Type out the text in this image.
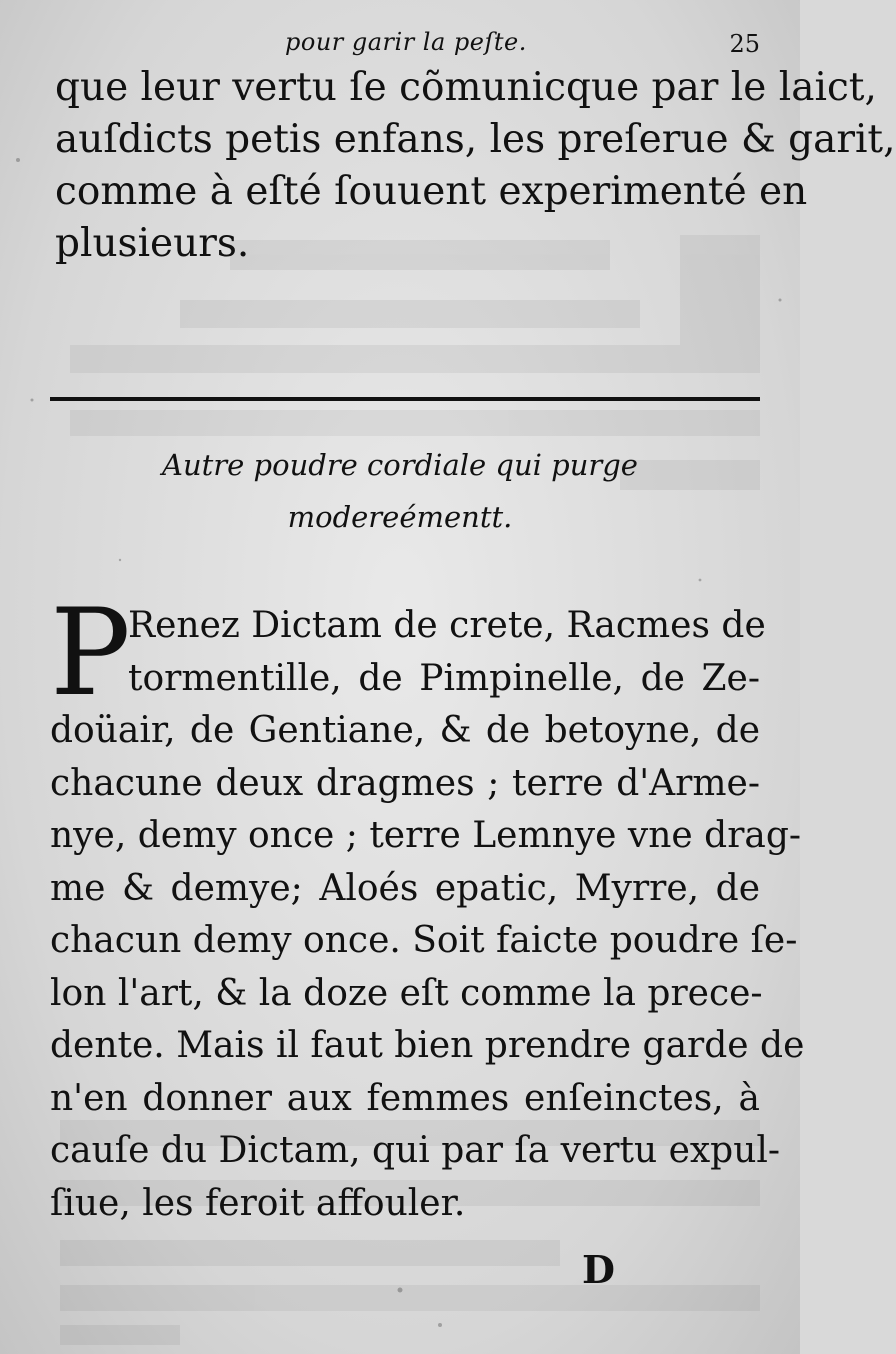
pour garir la peſte.	25
que leur vertu ſe cõmunicque par le laict,
auſdicts petis enfans, les preſerue & garit,
comme à eſté ſouuent experimenté en
plusieurs.
Autre poudre cordiale qui purge
modereémentt.
P
Renez Dictam de crete, Racmes de
tormentille, de Pimpinelle, de Ze-
doüair, de Gentiane, & de betoyne, de
chacune deux dragmes ; terre d'Arme-
nye, demy once ; terre Lemnye vne drag-
me & demye; Aloés epatic, Myrre, de
chacun demy once. Soit faicte poudre ſe-
lon l'art, & la doze eſt comme la prece-
dente. Mais il faut bien prendre garde de
n'en donner aux femmes enſeinctes, à
cauſe du Dictam, qui par ſa vertu expul-
ſiue, les feroit affouler.
D
